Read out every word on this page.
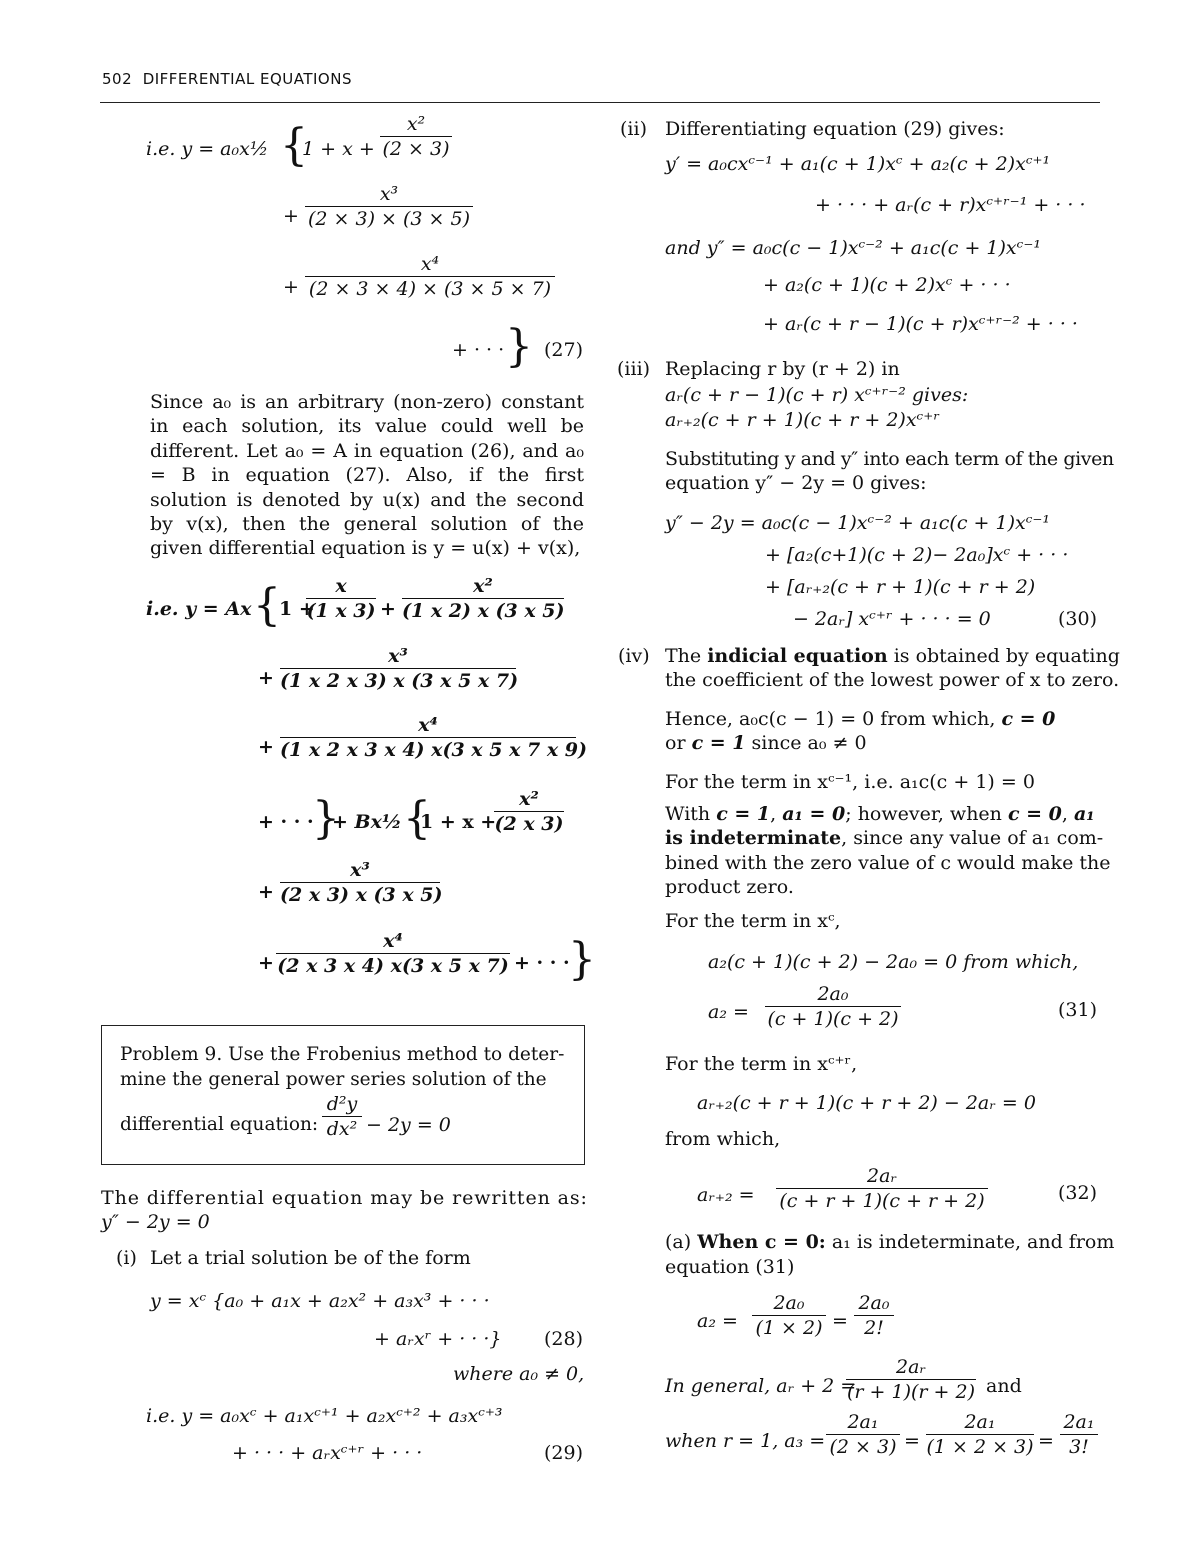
502 DIFFERENTIAL EQUATIONS
i.e. y = a₀x½ {
$1 + x + \frac{\text{x²}}{(2 \times 3)}$
+ $\frac{\text{x³}}{(2 \times 3) \times (3 \times 5)}$
+ $\frac{\text{x⁴}}{(2 \times 3 \times 4) \times (3 \times 5 \times 7)}$
+ · · · } (27)
Since a₀ is an arbitrary (non-zero) constant in each solution, its value could well be different. Let a₀ = A in equation (26), and a₀ = B in equation (27). Also, if the first solution is denoted by u(x) and the second by v(x), then the general solution of the given differential equation is y = u(x) + v(x),
i.e. y = Ax {
1 +
$\frac{x}{(1 x 3)} + \frac{\text{x²}}{(1 x 2) x (3 x 5)}$
+ $\frac{\text{x³}}{(1 x 2 x 3) x (3 x 5 x 7)}$
+ $\frac{\text{x⁴}}{(1 x 2 x 3 x 4) x(3 x 5 x 7 x 9)}$
+ · · ·
}
+ Bx½ {
1 + x +
$\frac{\text{x²}}{(2 x 3)}$
+ $\frac{\text{x³}}{(2 x 3) x (3 x 5)}$
+ $\frac{\text{x⁴}}{(2 x 3 x 4) x(3 x 5 x 7)}$ + · · ·
}
Problem 9. Use the Frobenius method to deter-
mine the general power series solution of the
differential equation: $\frac{\text{d²y}}{\text{dx²}} - 2y = 0$
The differential equation may be rewritten as:
y″ − 2y = 0
(i) Let a trial solution be of the form
y = xᶜ {a₀ + a₁x + a₂x² + a₃x³ + · · ·
+ aᵣxʳ + · · ·} (28)
where a₀ ≠ 0,
i.e. y = a₀xᶜ + a₁xᶜ⁺¹ + a₂xᶜ⁺² + a₃xᶜ⁺³
+ · · · + aᵣxᶜ⁺ʳ + · · ·	(29)
(ii) Differentiating equation (29) gives:
y′ = a₀cxᶜ⁻¹ + a₁(c + 1)xᶜ + a₂(c + 2)xᶜ⁺¹
+ · · · + aᵣ(c + r)xᶜ⁺ʳ⁻¹ + · · ·
and y″ = a₀c(c − 1)xᶜ⁻² + a₁c(c + 1)xᶜ⁻¹
+ a₂(c + 1)(c + 2)xᶜ + · · ·
+ aᵣ(c + r − 1)(c + r)xᶜ⁺ʳ⁻² + · · ·
(iii) Replacing r by (r + 2) in
aᵣ(c + r − 1)(c + r) xᶜ⁺ʳ⁻² gives:
aᵣ₊₂(c + r + 1)(c + r + 2)xᶜ⁺ʳ
Substituting y and y″ into each term of the given
equation y″ − 2y = 0 gives:
y″ − 2y = a₀c(c − 1)xᶜ⁻² + a₁c(c + 1)xᶜ⁻¹
+ [a₂(c+1)(c + 2)− 2a₀]xᶜ + · · ·
+ [aᵣ₊₂(c + r + 1)(c + r + 2)
− 2aᵣ] xᶜ⁺ʳ + · · · = 0	(30)
(iv) The indicial equation is obtained by equating
the coefficient of the lowest power of x to zero.
Hence, a₀c(c − 1) = 0 from which, c = 0
or c = 1 since a₀ ≠ 0
For the term in xᶜ⁻¹, i.e. a₁c(c + 1) = 0
With c = 1, a₁ = 0; however, when c = 0, a₁
is indeterminate, since any value of a₁ com-
bined with the zero value of c would make the
product zero.
For the term in xᶜ,
a₂(c + 1)(c + 2) − 2a₀ = 0 from which,
$a_2 = \frac{\text{2a₀}}{(c + 1)(c + 2)}$	(31)
For the term in xᶜ⁺ʳ,
aᵣ₊₂(c + r + 1)(c + r + 2) − 2aᵣ = 0
from which,
aᵣ₊₂ = $\frac{\text{2aᵣ}}{(c + r + 1)(c + r + 2)}$	(32)
(a) When c = 0: a₁ is indeterminate, and from
equation (31)
$a_2 = \frac{\text{2a₀}}{(1 \times 2)} = \frac{\text{2a₀}}{2!}$
In general, aᵣ + 2 =
$\frac{\text{2aᵣ}}{(r + 1)(r + 2)}$ and
when r = 1, $a_3 = \frac{\text{2a₁}}{(2 \times 3)} = \frac{\text{2a₁}}{(1 \times 2 \times 3)} = \frac{\text{2a₁}}{3!}$
